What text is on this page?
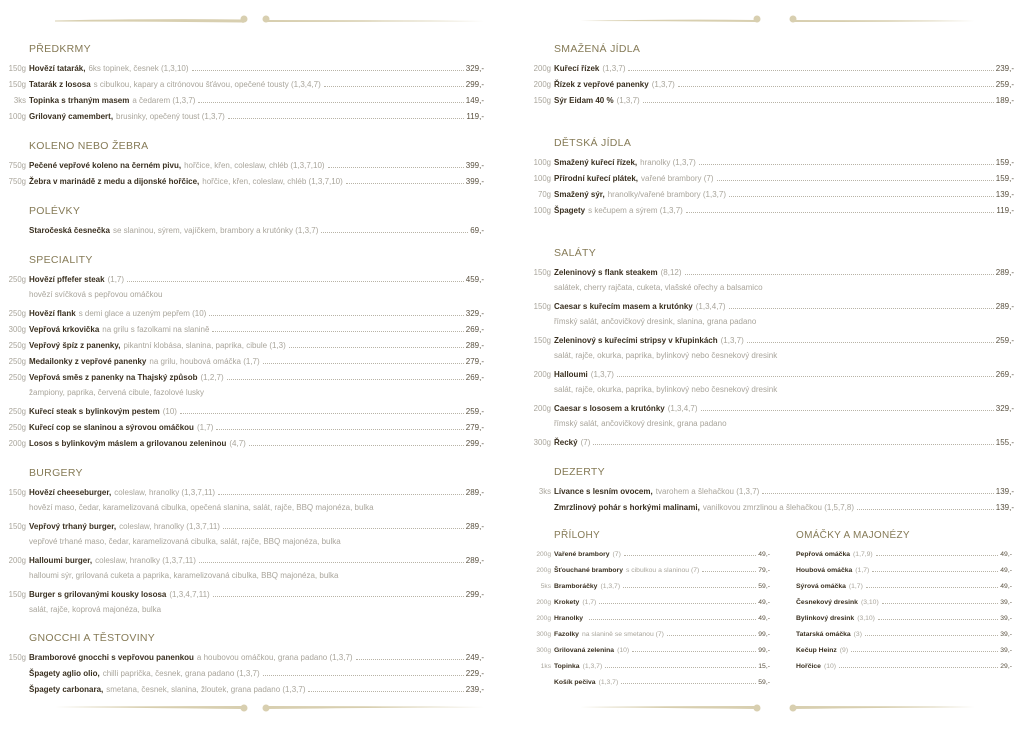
PŘEDKRMY
150g Hovězí tatarák, 6ks topinek, česnek (1,3,10)	329,-
150g Tatarák z lososa s cibulkou, kapary a citrónovou šťávou, opečené tousty (1,3,4,7)	299,-
3ks Topinka s trhaným masem a čedarem (1,3,7)	149,-
100g Grilovaný camembert, brusinky, opečený toust (1,3,7)	119,-
KOLENO NEBO ŽEBRA
750g Pečené vepřové koleno na černém pivu, hořčice, křen, coleslaw, chléb (1,3,7,10)	399,-
750g Žebra v marinádě z medu a dijonské hořčice, hořčice, křen, coleslaw, chléb (1,3,7,10)	399,-
POLÉVKY
Staročeská česnečka se slaninou, sýrem, vajíčkem, brambory a krutónky (1,3,7)	69,-
SPECIALITY
250g Hovězí pffefer steak (1,7)	459,-
hovězí svíčková s pepřovou omáčkou
250g Hovězí flank s demi glace a uzeným pepřem (10)	329,-
300g Vepřová krkovička na grilu s fazolkami na slanině	269,-
250g Vepřový špíz z panenky, pikantní klobása, slanina, paprika, cibule (1,3)	289,-
250g Medailonky z vepřové panenky na grilu, houbová omáčka (1,7)	279,-
250g Vepřová směs z panenky na Thajský způsob (1,2,7)	269,-
žampiony, paprika, červená cibule, fazolové lusky
250g Kuřecí steak s bylinkovým pestem (10)	259,-
250g Kuřecí cop se slaninou a sýrovou omáčkou (1,7)	279,-
200g Losos s bylinkovým máslem a grilovanou zeleninou (4,7)	299,-
BURGERY
150g Hovězí cheeseburger, coleslaw, hranolky (1,3,7,11)	289,-
hovězí maso, čedar, karamelizovaná cibulka, opečená slanina, salát, rajče, BBQ majonéza, bulka
150g Vepřový trhaný burger, coleslaw, hranolky (1,3,7,11)	289,-
vepřové trhané maso, čedar, karamelizovaná cibulka, salát, rajče, BBQ majonéza, bulka
200g Halloumi burger, coleslaw, hranolky (1,3,7,11)	289,-
halloumi sýr, grilovaná cuketa a paprika, karamelizovaná cibulka, BBQ majonéza, bulka
150g Burger s grilovanými kousky lososa (1,3,4,7,11)	299,-
salát, rajče, koprová majonéza, bulka
GNOCCHI A TĚSTOVINY
150g Bramborové gnocchi s vepřovou panenkou a houbovou omáčkou, grana padano (1,3,7)	249,-
Špagety aglio olio, chilli paprička, česnek, grana padano (1,3,7)	229,-
Špagety carbonara, smetana, česnek, slanina, žloutek, grana padano (1,3,7)	239,-
SMAŽENÁ JÍDLA
200g Kuřecí řízek (1,3,7)	239,-
200g Řízek z vepřové panenky (1,3,7)	259,-
150g Sýr Eidam 40 % (1,3,7)	189,-
DĚTSKÁ JÍDLA
100g Smažený kuřecí řízek, hranolky (1,3,7)	159,-
100g Přírodní kuřecí plátek, vařené brambory (7)	159,-
70g Smažený sýr, hranolky/vařené brambory (1,3,7)	139,-
100g Špagety s kečupem a sýrem (1,3,7)	119,-
SALÁTY
150g Zeleninový s flank steakem (8,12)	289,-
salátek, cherry rajčata, cuketa, vlašské ořechy a balsamico
150g Caesar s kuřecím masem a krutónky (1,3,4,7)	289,-
římský salát, ančovičkový dresink, slanina, grana padano
150g Zeleninový s kuřecími stripsy v křupinkách (1,3,7)	259,-
salát, rajče, okurka, paprika, bylinkový nebo česnekový dresink
200g Halloumi (1,3,7)	269,-
salát, rajče, okurka, paprika, bylinkový nebo česnekový dresink
200g Caesar s lososem a krutónky (1,3,4,7)	329,-
římský salát, ančovičkový dresink, grana padano
300g Řecký (7)	155,-
DEZERTY
3ks Lívance s lesním ovocem, tvarohem a šlehačkou (1,3,7)	139,-
Zmrzlinový pohár s horkými malinami, vanilkovou zmrzlinou a šlehačkou (1,5,7,8)	139,-
PŘÍLOHY
200g Vařené brambory (7)	49,-
200g Šťouchané brambory s cibulkou a slaninou (7)	79,-
5ks Bramboráčky (1,3,7)	59,-
200g Krokety (1,7)	49,-
200g Hranolky	49,-
300g Fazolky na slanině se smetanou (7)	99,-
300g Grilovaná zelenina (10)	99,-
1ks Topinka (1,3,7)	15,-
Košík pečiva (1,3,7)	59,-
OMÁČKY A MAJONÉZY
Pepřová omáčka (1,7,9)	49,-
Houbová omáčka (1,7)	49,-
Sýrová omáčka (1,7)	49,-
Česnekový dresink (3,10)	39,-
Bylinkový dresink (3,10)	39,-
Tatarská omáčka (3)	39,-
Kečup Heinz (9)	39,-
Hořčice (10)	29,-
